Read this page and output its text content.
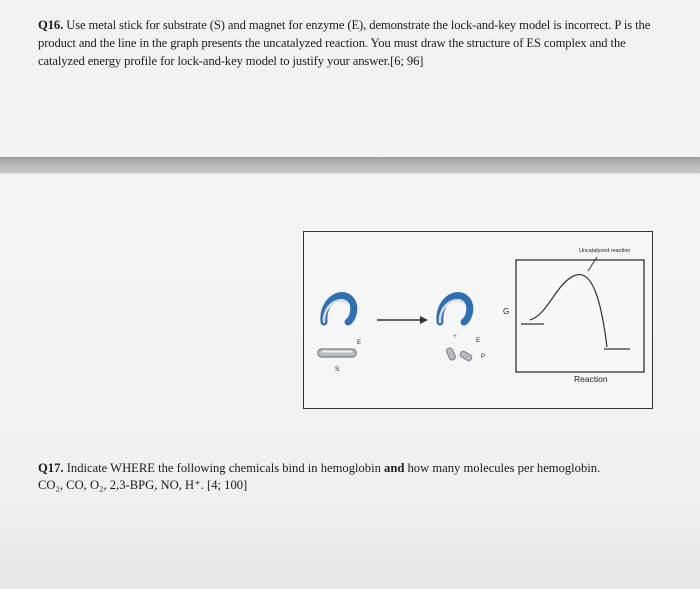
Q16. Use metal stick for substrate (S) and magnet for enzyme (E), demonstrate the lock-and-key model is incorrect. P is the product and the line in the graph presents the uncatalyzed reaction. You must draw the structure of ES complex and the catalyzed energy profile for lock-and-key model to justify your answer.[6; 96]
E
S
E
+
P
G
Uncatalyzed reaction
Reaction
Q17. Indicate WHERE the following chemicals bind in hemoglobin and how many molecules per hemoglobin.
CO₂, CO, O₂, 2,3-BPG, NO, H⁺. [4; 100]
